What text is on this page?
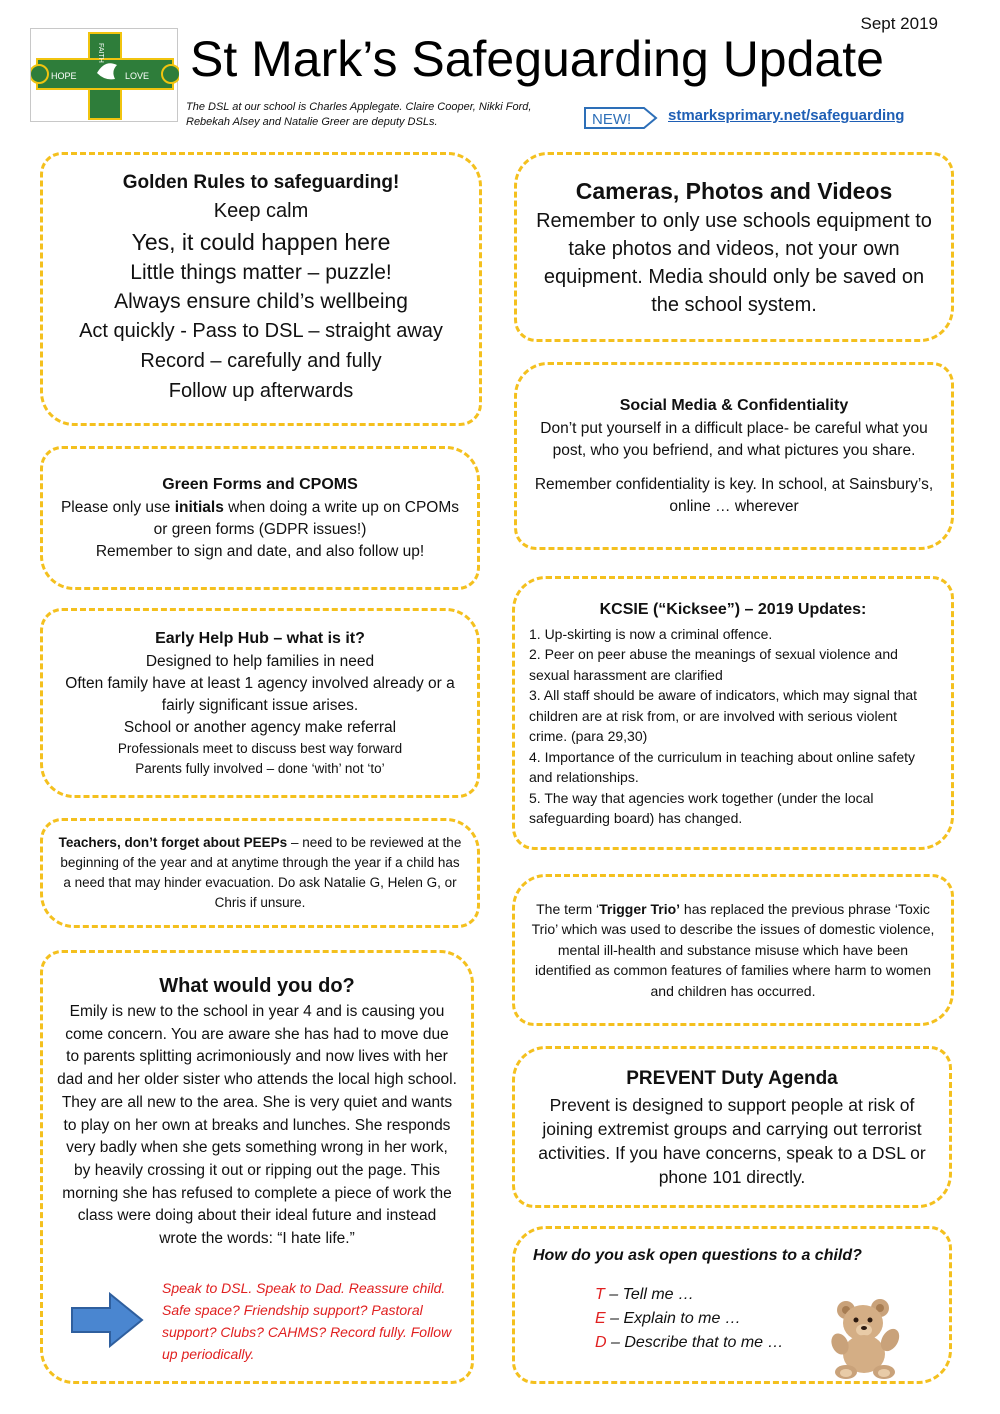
HOPE	LOVE
FAITH
Sept 2019
St Mark’s Safeguarding Update
The DSL at our school is Charles Applegate. Claire Cooper, Nikki Ford, Rebekah Alsey and Natalie Greer are deputy DSLs.	NEW! stmarksprimary.net/safeguarding
Golden Rules to safeguarding!
Keep calm
Yes, it could happen here
Little things matter – puzzle!
Always ensure child’s wellbeing
Act quickly - Pass to DSL – straight away
Record – carefully and fully
Follow up afterwards
Green Forms and CPOMS

Please only use initials when doing a write up on CPOMs or green forms (GDPR issues!)

Remember to sign and date, and also follow up!

Early Help Hub – what is it?
Designed to help families in need
Often family have at least 1 agency involved already or a fairly significant issue arises.
School or another agency make referral
Professionals meet to discuss best way forward
Parents fully involved – done ‘with’ not ‘to’

Teachers, don’t forget about PEEPs – need to be reviewed at the beginning of the year and at anytime through the year if a child has a need that may hinder evacuation. Do ask Natalie G, Helen G, or Chris if unsure.

What would you do?

Emily is new to the school in year 4 and is causing you come concern. You are aware she has had to move due to parents splitting acrimoniously and now lives with her dad and her older sister who attends the local high school. They are all new to the area. She is very quiet and wants to play on her own at breaks and lunches. She responds very badly when she gets something wrong in her work, by heavily crossing it out or ripping out the page. This morning she has refused to complete a piece of work the class were doing about their ideal future and instead wrote the words: “I hate life.”

Speak to DSL. Speak to Dad. Reassure child. Safe space? Friendship support? Pastoral support? Clubs? CAHMS? Record fully. Follow up periodically.

Cameras, Photos and Videos

Remember to only use schools equipment to take photos and videos, not your own equipment. Media should only be saved on the school system.

Social Media & Confidentiality

Don’t put yourself in a difficult place- be careful what you post, who you befriend, and what pictures you share.

Remember confidentiality is key. In school, at Sainsbury’s, online … wherever

KCSIE (“Kicksee”) – 2019 Updates:
1. Up-skirting is now a criminal offence.
2. Peer on peer abuse the meanings of sexual violence and sexual harassment are clarified
3. All staff should be aware of indicators, which may signal that children are at risk from, or are involved with serious violent crime. (para 29,30)
4. Importance of the curriculum in teaching about online safety and relationships.
5. The way that agencies work together (under the local safeguarding board) has changed.

The term ‘Trigger Trio’ has replaced the previous phrase ‘Toxic Trio’ which was used to describe the issues of domestic violence, mental ill-health and substance misuse which have been identified as common features of families where harm to women and children has occurred.

PREVENT Duty Agenda

Prevent is designed to support people at risk of joining extremist groups and carrying out terrorist activities. If you have concerns, speak to a DSL or phone 101 directly.

How do you ask open questions to a child?
T – Tell me …
E – Explain to me …
D – Describe that to me …
